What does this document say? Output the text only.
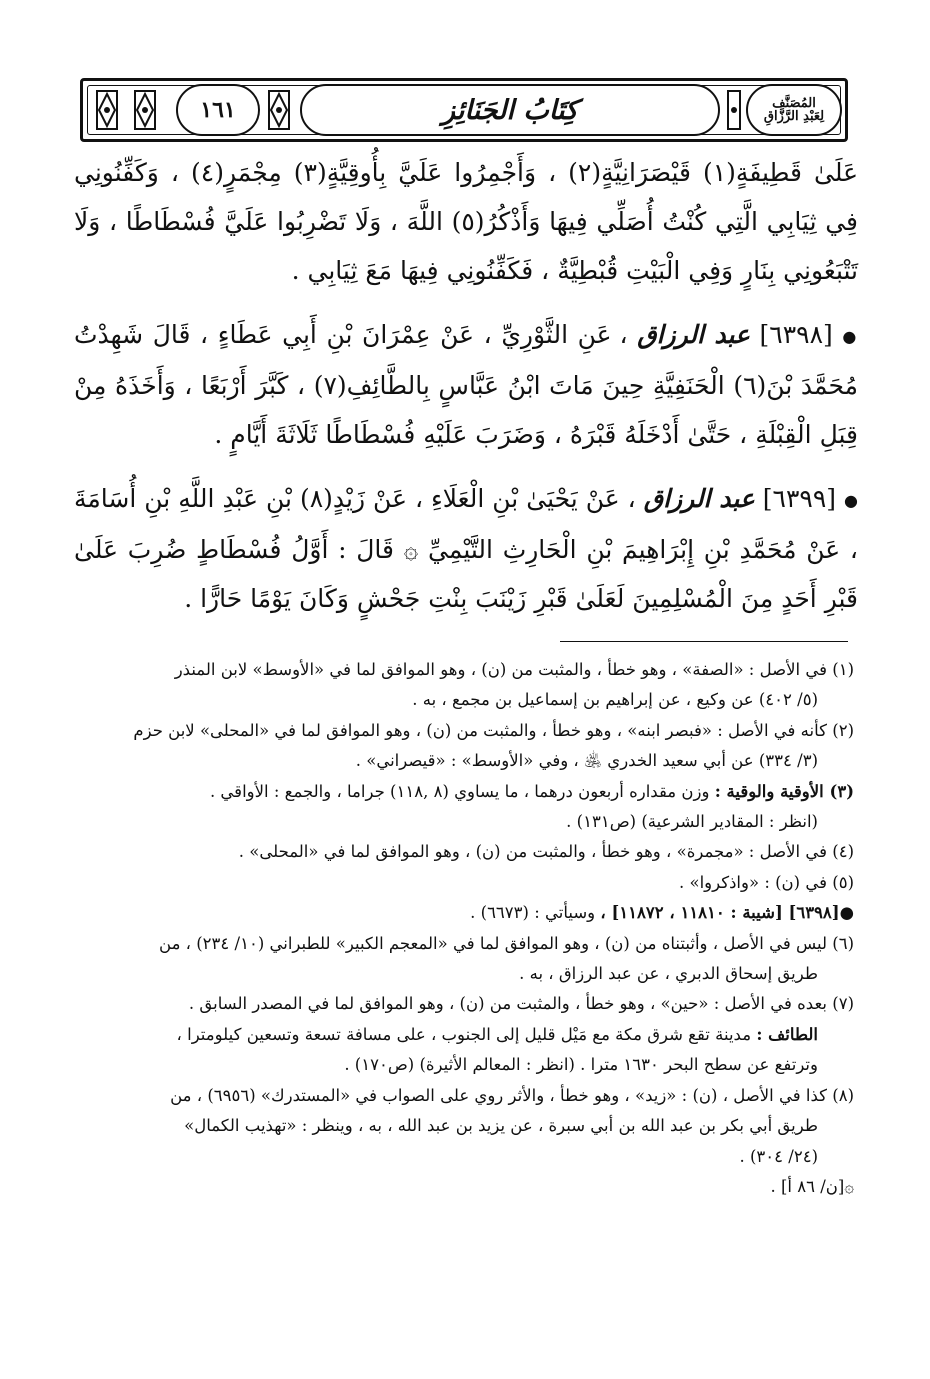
١٦١	كِتَابُ الجَنَائِزِ	المُصَنَّف
لِعَبْدِ الرَّزَّاقِ

عَلَىٰ قَطِيفَةٍ(١) قَيْصَرَانِيَّةٍ(٢) ، وَأَجْمِرُوا عَلَيَّ بِأُوقِيَّةٍ(٣) مِجْمَرٍ(٤) ، وَكَفِّنُونِي فِي ثِيَابِي الَّتِي كُنْتُ أُصَلِّي فِيهَا وَأَذْكُرُ(٥) اللَّهَ ، وَلَا تَضْرِبُوا عَلَيَّ فُسْطَاطًا ، وَلَا تَتْبَعُونِي بِنَارٍ وَفِي الْبَيْتِ قُبْطِيَّةٌ ، فَكَفِّنُونِي فِيهَا مَعَ ثِيَابِي .

● [٦٣٩٨] عبد الرزاق ، عَنِ الثَّوْرِيِّ ، عَنْ عِمْرَانَ بْنِ أَبِي عَطَاءٍ ، قَالَ شَهِدْتُ مُحَمَّدَ بْنَ(٦) الْحَنَفِيَّةِ حِينَ مَاتَ ابْنُ عَبَّاسٍ بِالطَّائِفِ(٧) ، كَبَّرَ أَرْبَعًا ، وَأَخَذَهُ مِنْ قِبَلِ الْقِبْلَةِ ، حَتَّىٰ أَدْخَلَهُ قَبْرَهُ ، وَضَرَبَ عَلَيْهِ فُسْطَاطًا ثَلَاثَةَ أَيَّامٍ .

● [٦٣٩٩] عبد الرزاق ، عَنْ يَحْيَىٰ بْنِ الْعَلَاءِ ، عَنْ زَيْدٍ(٨) بْنِ عَبْدِ اللَّهِ بْنِ أُسَامَةَ ، عَنْ مُحَمَّدِ بْنِ إِبْرَاهِيمَ بْنِ الْحَارِثِ التَّيْمِيِّ ۞ قَالَ : أَوَّلُ فُسْطَاطٍ ضُرِبَ عَلَىٰ قَبْرِ أَحَدٍ مِنَ الْمُسْلِمِينَ لَعَلَىٰ قَبْرِ زَيْنَبَ بِنْتِ جَحْشٍ وَكَانَ يَوْمًا حَارًّا .

(١) في الأصل : «الصفة» ، وهو خطأ ، والمثبت من (ن) ، وهو الموافق لما في «الأوسط» لابن المنذر

(٥/ ٤٠٢) عن وكيع ، عن إبراهيم بن إسماعيل بن مجمع ، به .

(٢) كأنه في الأصل : «فبصر ابنه» ، وهو خطأ ، والمثبت من (ن) ، وهو الموافق لما في «المحلى» لابن حزم

(٣/ ٣٣٤) عن أبي سعيد الخدري ﵁ ، وفي «الأوسط» : «قيصراني» .

(٣) الأوقية والوقية : وزن مقداره أربعون درهما ، ما يساوي (٨ ,١١٨) جراما ، والجمع : الأواقي .

(انظر : المقادير الشرعية) (ص١٣١) .

(٤) في الأصل : «مجمرة» ، وهو خطأ ، والمثبت من (ن) ، وهو الموافق لما في «المحلى» .

(٥) في (ن) : «واذكروا» .

●[٦٣٩٨] [شيبة : ١١٨١٠ ، ١١٨٧٢] ، وسيأتي : (٦٦٧٣) .

(٦) ليس في الأصل ، وأثبتناه من (ن) ، وهو الموافق لما في «المعجم الكبير» للطبراني (١٠/ ٢٣٤) ، من

طريق إسحاق الدبري ، عن عبد الرزاق ، به .

(٧) بعده في الأصل : «حين» ، وهو خطأ ، والمثبت من (ن) ، وهو الموافق لما في المصدر السابق .

الطائف : مدينة تقع شرق مكة مع مَيْل قليل إلى الجنوب ، على مسافة تسعة وتسعين كيلومترا ،

وترتفع عن سطح البحر ١٦٣٠ مترا . (انظر : المعالم الأثيرة) (ص١٧٠) .

(٨) كذا في الأصل ، (ن) : «زيد» ، وهو خطأ ، والأثر روي على الصواب في «المستدرك» (٦٩٥٦) ، من

طريق أبي بكر بن عبد الله بن أبي سبرة ، عن يزيد بن عبد الله ، به ، وينظر : «تهذيب الكمال»

(٢٤/ ٣٠٤) .

۞[ن/ ٨٦ أ] .
